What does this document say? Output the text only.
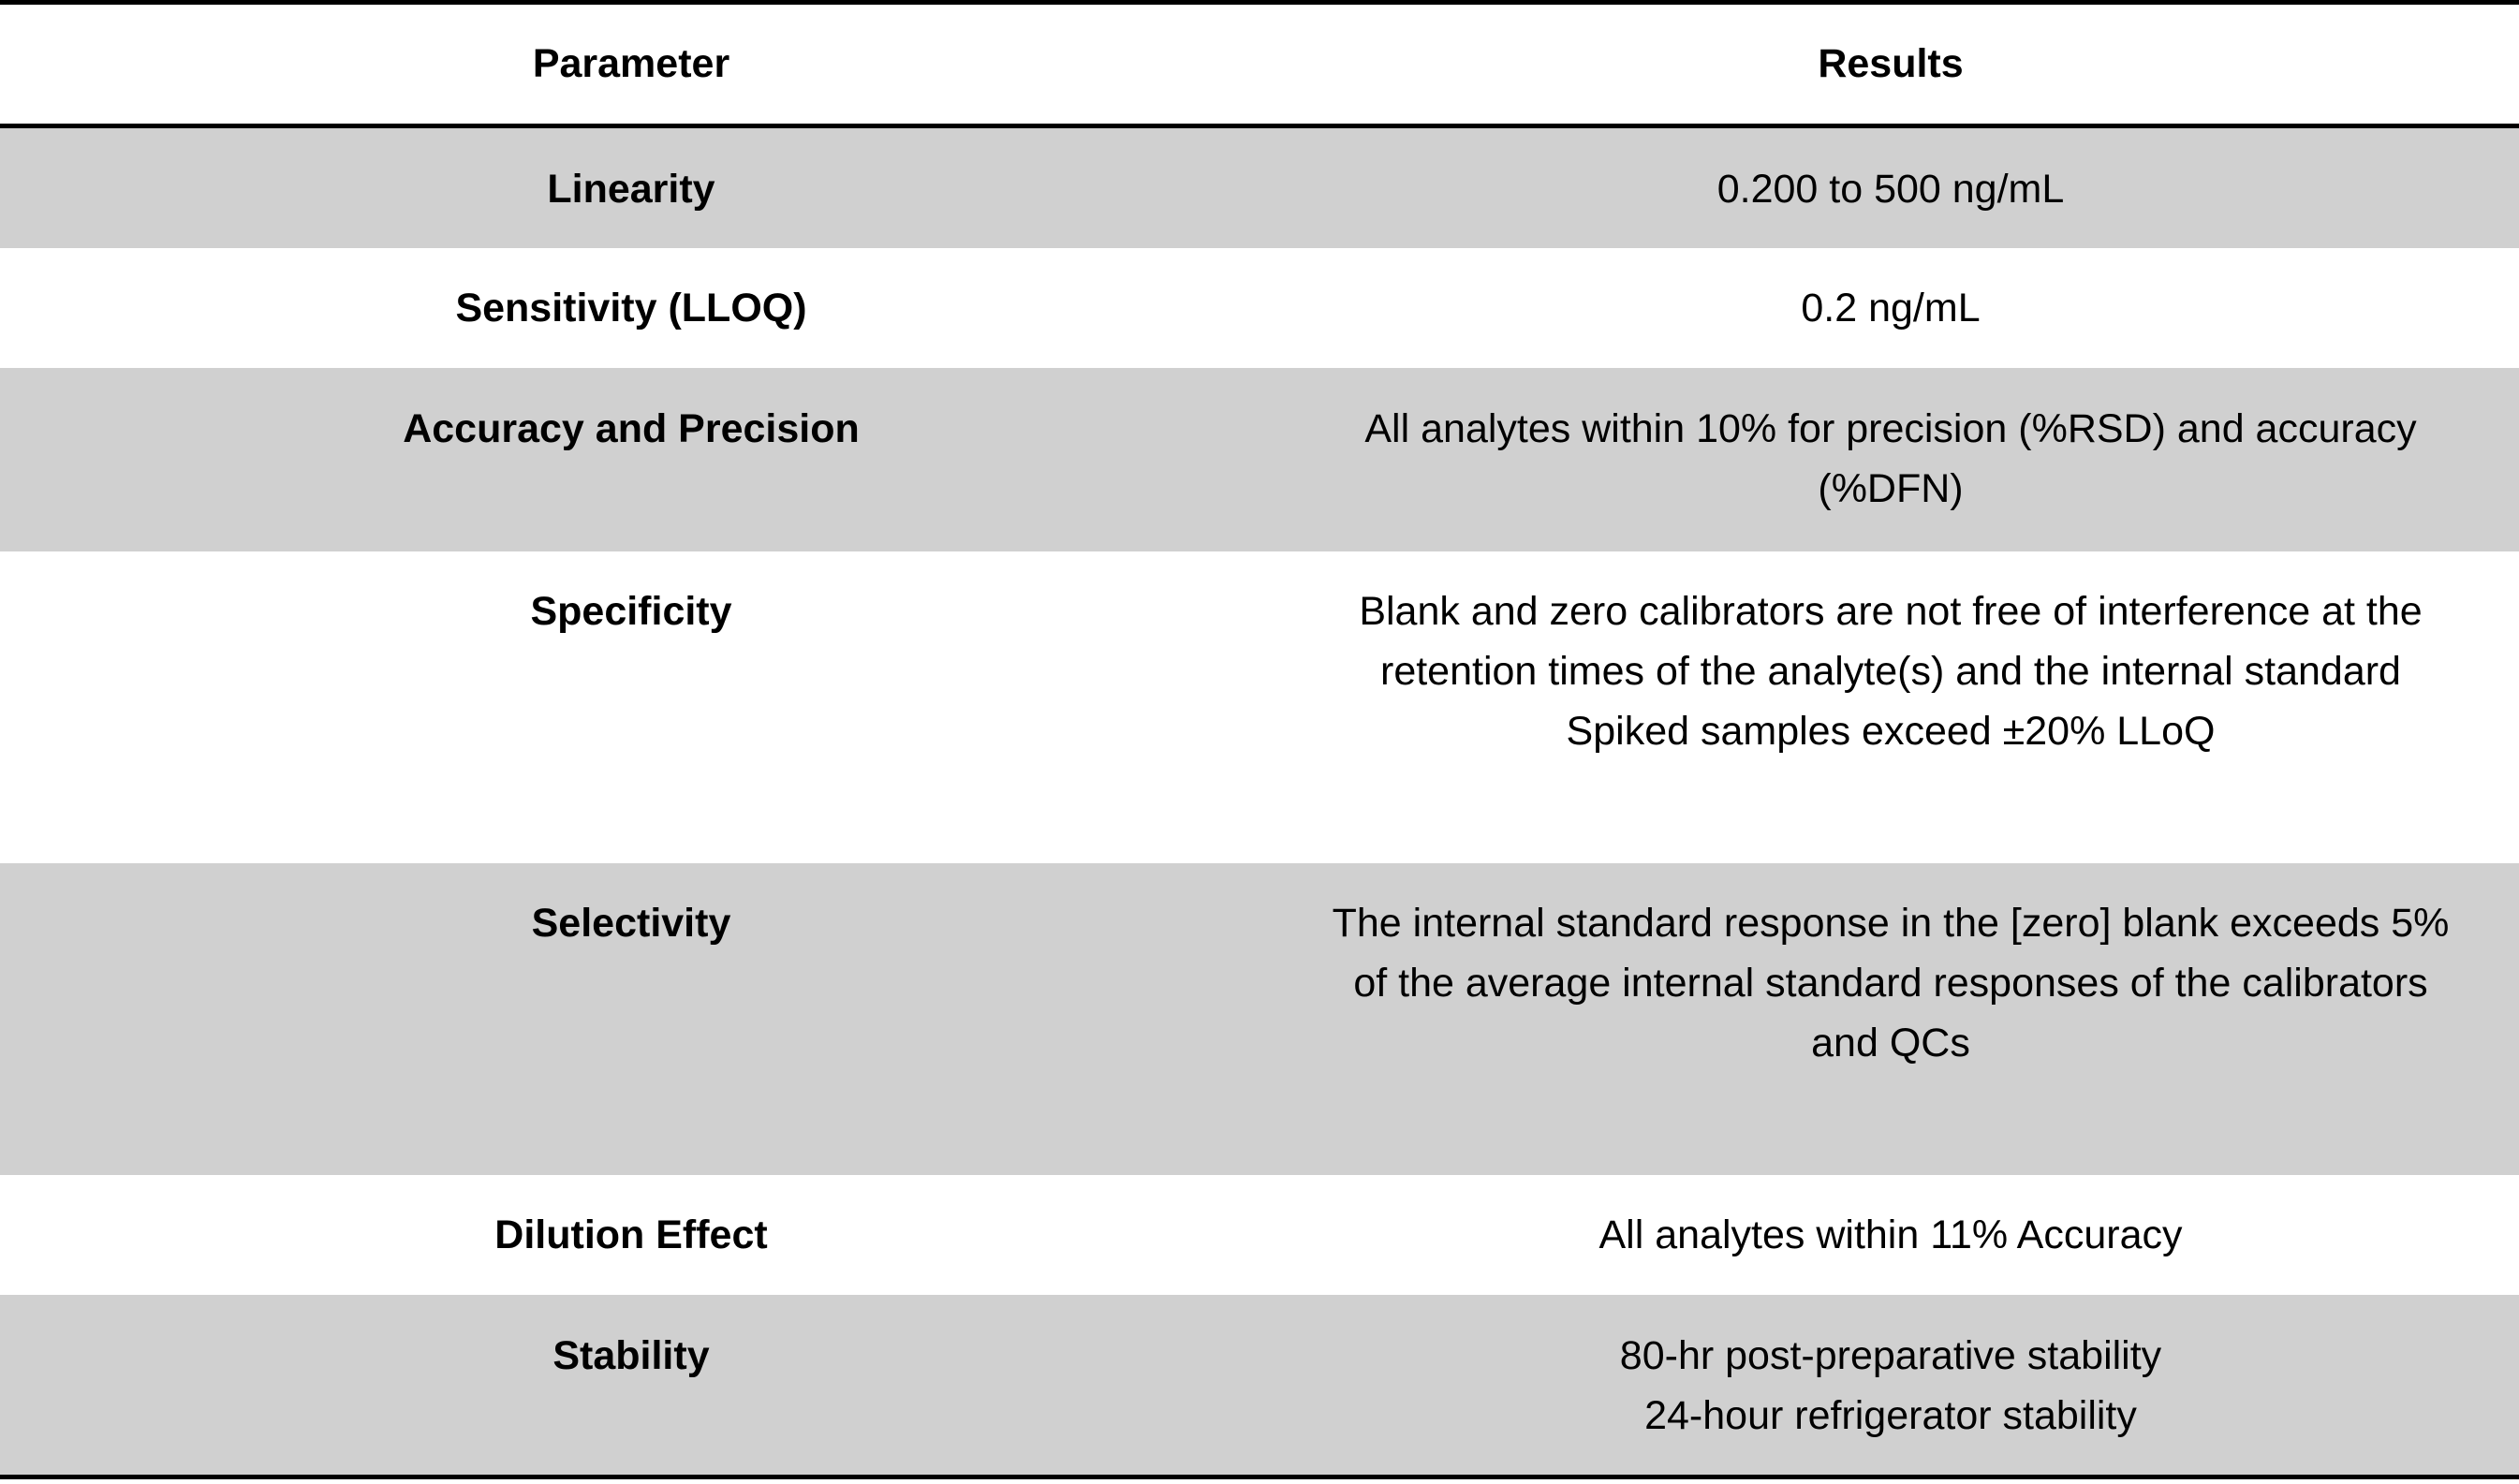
Parameter	Results
Linearity	0.200 to 500 ng/mL

Sensitivity (LLOQ)	0.2 ng/mL

Accuracy and Precision	All analytes within 10% for precision (%RSD) and accuracy
(%DFN)

Specificity	Blank and zero calibrators are not free of interference at the
retention times of the analyte(s) and the internal standard
Spiked samples exceed ±20% LLoQ

Selectivity	The internal standard response in the [zero] blank exceeds 5%
of the average internal standard responses of the calibrators
and QCs

Dilution Effect	All analytes within 11% Accuracy

Stability	80-hr post-preparative stability
24-hour refrigerator stability
